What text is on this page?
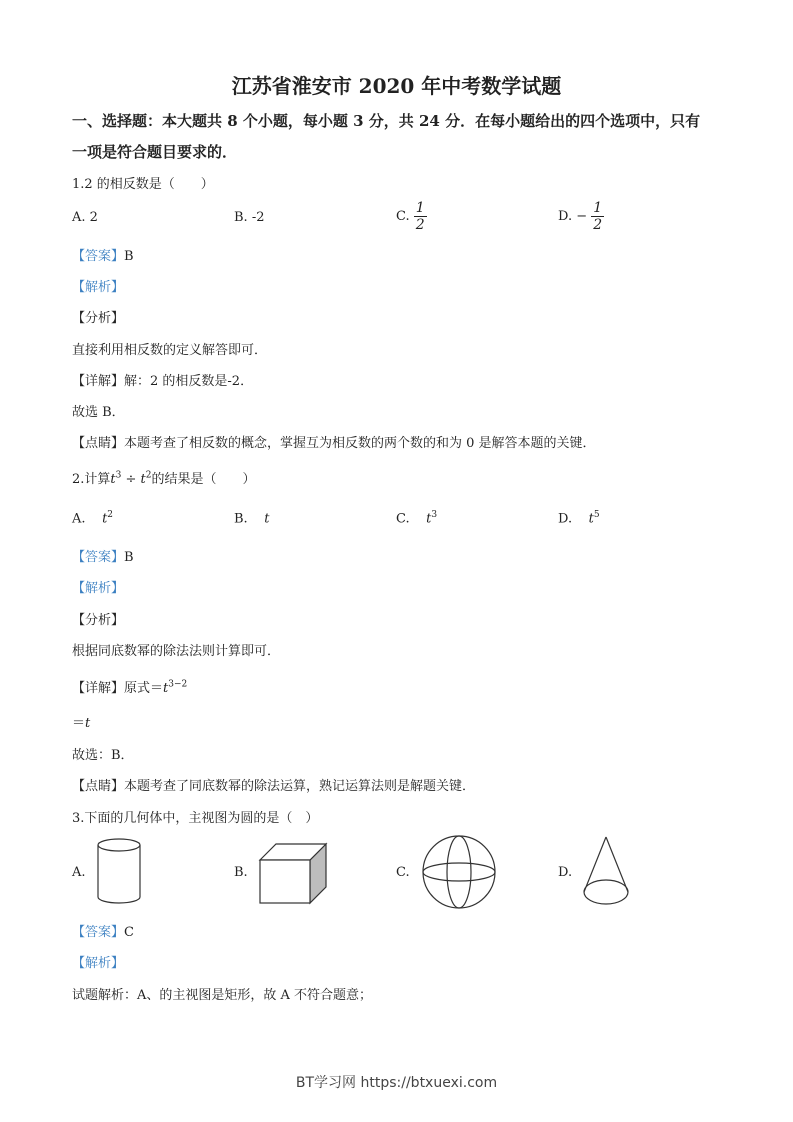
江苏省淮安市 2020 年中考数学试题
一、选择题：本大题共 8 个小题，每小题 3 分，共 24 分．在每小题给出的四个选项中，只有
一项是符合题目要求的．
1.2 的相反数是（　　）
A. 2	B. -2	C. $\frac{1}{2}$	D. − $\frac{1}{2}$
【答案】B
【解析】
【分析】
直接利用相反数的定义解答即可．
【详解】解：2 的相反数是-2．
故选 B．
【点睛】本题考查了相反数的概念，掌握互为相反数的两个数的和为 0 是解答本题的关键．
2.计算$t^3 \div t^2$的结果是（　　）
A. $t^2$	B. t	C. $t^3$	D. $t^5$
【答案】B
【解析】
【分析】
根据同底数幂的除法法则计算即可．
【详解】原式$=t^{3-2}$
＝t
故选：B．
【点睛】本题考查了同底数幂的除法运算，熟记运算法则是解题关键．
3.下面的几何体中，主视图为圆的是（　）
A.	B.	C.	D.
【答案】C
【解析】
试题解析：A、的主视图是矩形，故 A 不符合题意；
BT学习网 https://btxuexi.com
